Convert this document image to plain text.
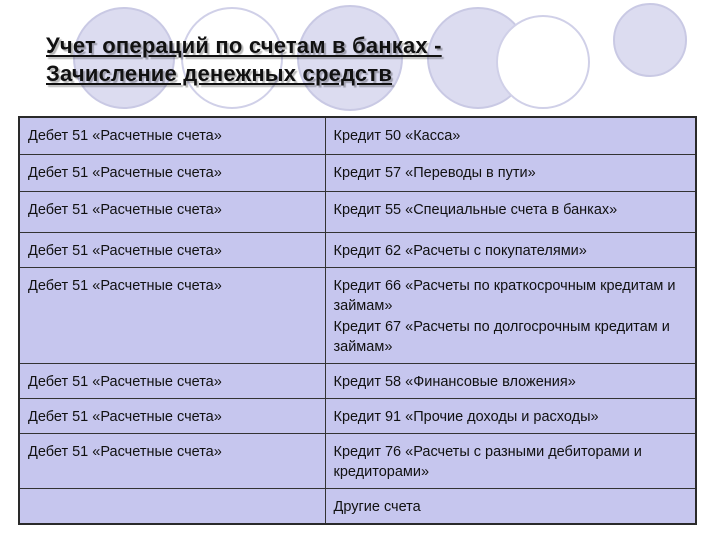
Учет операций по счетам в банках -
Зачисление денежных средств
Дебет 51 «Расчетные счета»	Кредит 50 «Касса»

Дебет 51 «Расчетные счета»	Кредит 57 «Переводы в пути»

Дебет 51 «Расчетные счета»	Кредит 55 «Специальные счета в банках»

Дебет 51 «Расчетные счета»	Кредит 62 «Расчеты с покупателями»

Дебет 51 «Расчетные счета»	Кредит 66 «Расчеты по краткосрочным кредитам и займам»
Кредит 67 «Расчеты по долгосрочным кредитам и займам»

Дебет 51 «Расчетные счета»	Кредит 58 «Финансовые вложения»

Дебет 51 «Расчетные счета»	Кредит 91 «Прочие доходы и расходы»

Дебет 51 «Расчетные счета»	Кредит 76 «Расчеты с разными дебиторами и кредиторами»

	Другие счета
